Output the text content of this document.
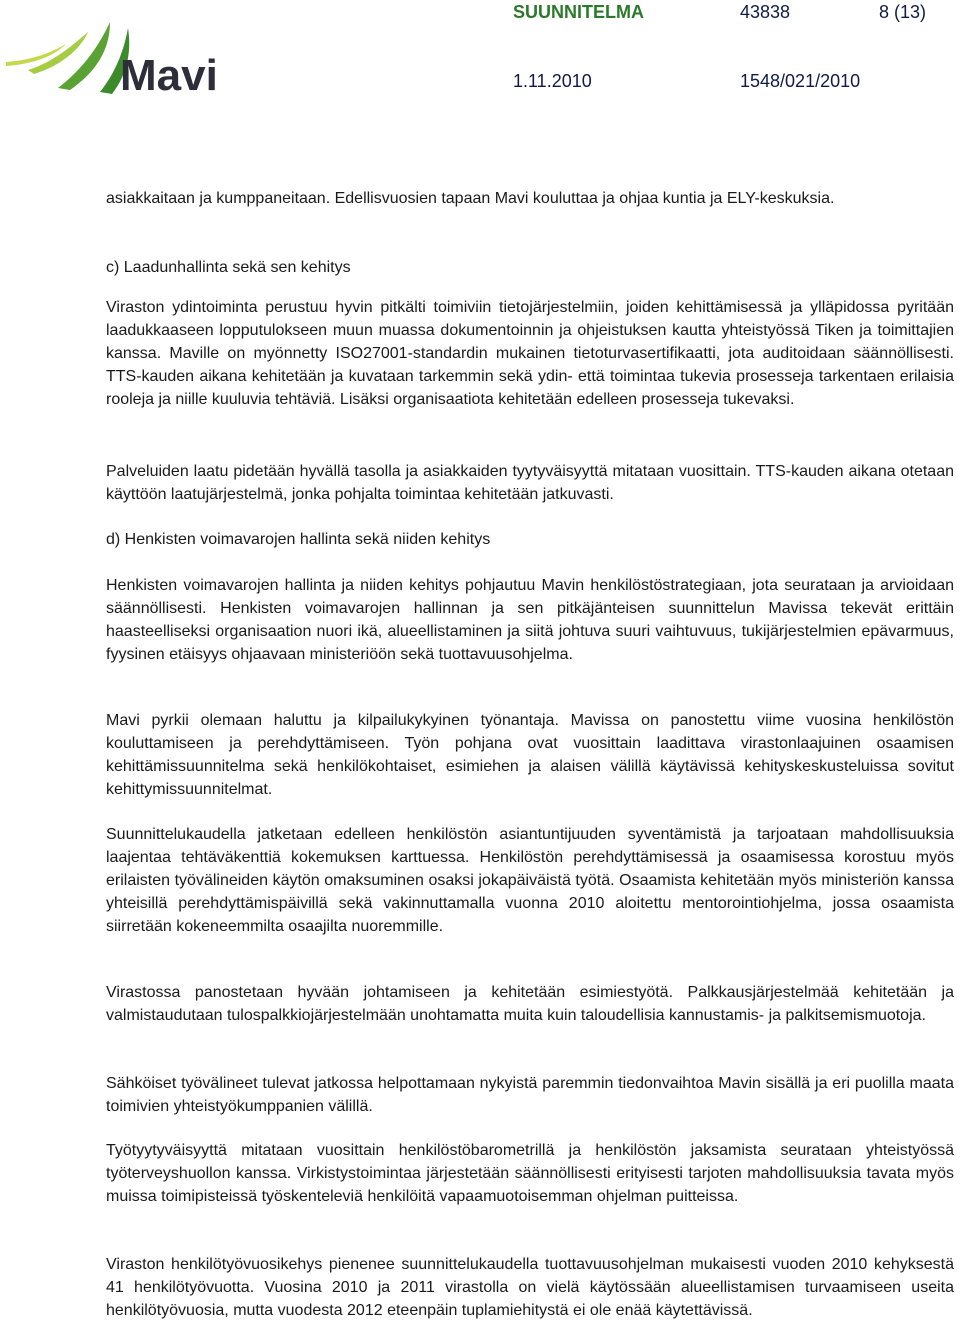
Mavi
SUUNNITELMA	43838	8 (13)
1.11.2010	1548/021/2010

asiakkaitaan ja kumppaneitaan. Edellisvuosien tapaan Mavi kouluttaa ja ohjaa kuntia ja ELY-keskuksia.

c) Laadunhallinta sekä sen kehitys

Viraston ydintoiminta perustuu hyvin pitkälti toimiviin tietojärjestelmiin, joiden kehittämisessä ja ylläpidossa pyritään laadukkaaseen lopputulokseen muun muassa dokumentoinnin ja ohjeistuksen kautta yhteistyössä Tiken ja toimittajien kanssa. Maville on myönnetty ISO27001-standardin mukainen tietoturvasertifikaatti, jota auditoidaan säännöllisesti. TTS-kauden aikana kehitetään ja kuvataan tarkemmin sekä ydin- että toimintaa tukevia prosesseja tarkentaen erilaisia rooleja ja niille kuuluvia tehtäviä. Lisäksi organisaatiota kehitetään edelleen prosesseja tukevaksi.

Palveluiden laatu pidetään hyvällä tasolla ja asiakkaiden tyytyväisyyttä mitataan vuosittain. TTS-kauden aikana otetaan käyttöön laatujärjestelmä, jonka pohjalta toimintaa kehitetään jatkuvasti.

d) Henkisten voimavarojen hallinta sekä niiden kehitys

Henkisten voimavarojen hallinta ja niiden kehitys pohjautuu Mavin henkilöstöstrategiaan, jota seurataan ja arvioidaan säännöllisesti. Henkisten voimavarojen hallinnan ja sen pitkäjänteisen suunnittelun Mavissa tekevät erittäin haasteelliseksi organisaation nuori ikä, alueellistaminen ja siitä johtuva suuri vaihtuvuus, tukijärjestelmien epävarmuus, fyysinen etäisyys ohjaavaan ministeriöön sekä tuottavuusohjelma.

Mavi pyrkii olemaan haluttu ja kilpailukykyinen työnantaja. Mavissa on panostettu viime vuosina henkilöstön kouluttamiseen ja perehdyttämiseen. Työn pohjana ovat vuosittain laadittava virastonlaajuinen osaamisen kehittämissuunnitelma sekä henkilökohtaiset, esimiehen ja alaisen välillä käytävissä kehityskeskusteluissa sovitut kehittymissuunnitelmat.

Suunnittelukaudella jatketaan edelleen henkilöstön asiantuntijuuden syventämistä ja tarjoataan mahdollisuuksia laajentaa tehtäväkenttiä kokemuksen karttuessa. Henkilöstön perehdyttämisessä ja osaamisessa korostuu myös erilaisten työvälineiden käytön omaksuminen osaksi jokapäiväistä työtä. Osaamista kehitetään myös ministeriön kanssa yhteisillä perehdyttämispäivillä sekä vakinnuttamalla vuonna 2010 aloitettu mentorointiohjelma, jossa osaamista siirretään kokeneemmilta osaajilta nuoremmille.

Virastossa panostetaan hyvään johtamiseen ja kehitetään esimiestyötä. Palkkausjärjestelmää kehitetään ja valmistaudutaan tulospalkkiojärjestelmään unohtamatta muita kuin taloudellisia kannustamis- ja palkitsemismuotoja.

Sähköiset työvälineet tulevat jatkossa helpottamaan nykyistä paremmin tiedonvaihtoa Mavin sisällä ja eri puolilla maata toimivien yhteistyökumppanien välillä.

Työtyytyväisyyttä mitataan vuosittain henkilöstöbarometrillä ja henkilöstön jaksamista seurataan yhteistyössä työterveyshuollon kanssa. Virkistystoimintaa järjestetään säännöllisesti erityisesti tarjoten mahdollisuuksia tavata myös muissa toimipisteissä työskenteleviä henkilöitä vapaamuotoisemman ohjelman puitteissa.

Viraston henkilötyövuosikehys pienenee suunnittelukaudella tuottavuusohjelman mukaisesti vuoden 2010 kehyksestä 41 henkilötyövuotta. Vuosina 2010 ja 2011 virastolla on vielä käytössään alueellistamisen turvaamiseen useita henkilötyövuosia, mutta vuodesta 2012 eteenpäin tuplamiehitystä ei ole enää käytettävissä.
